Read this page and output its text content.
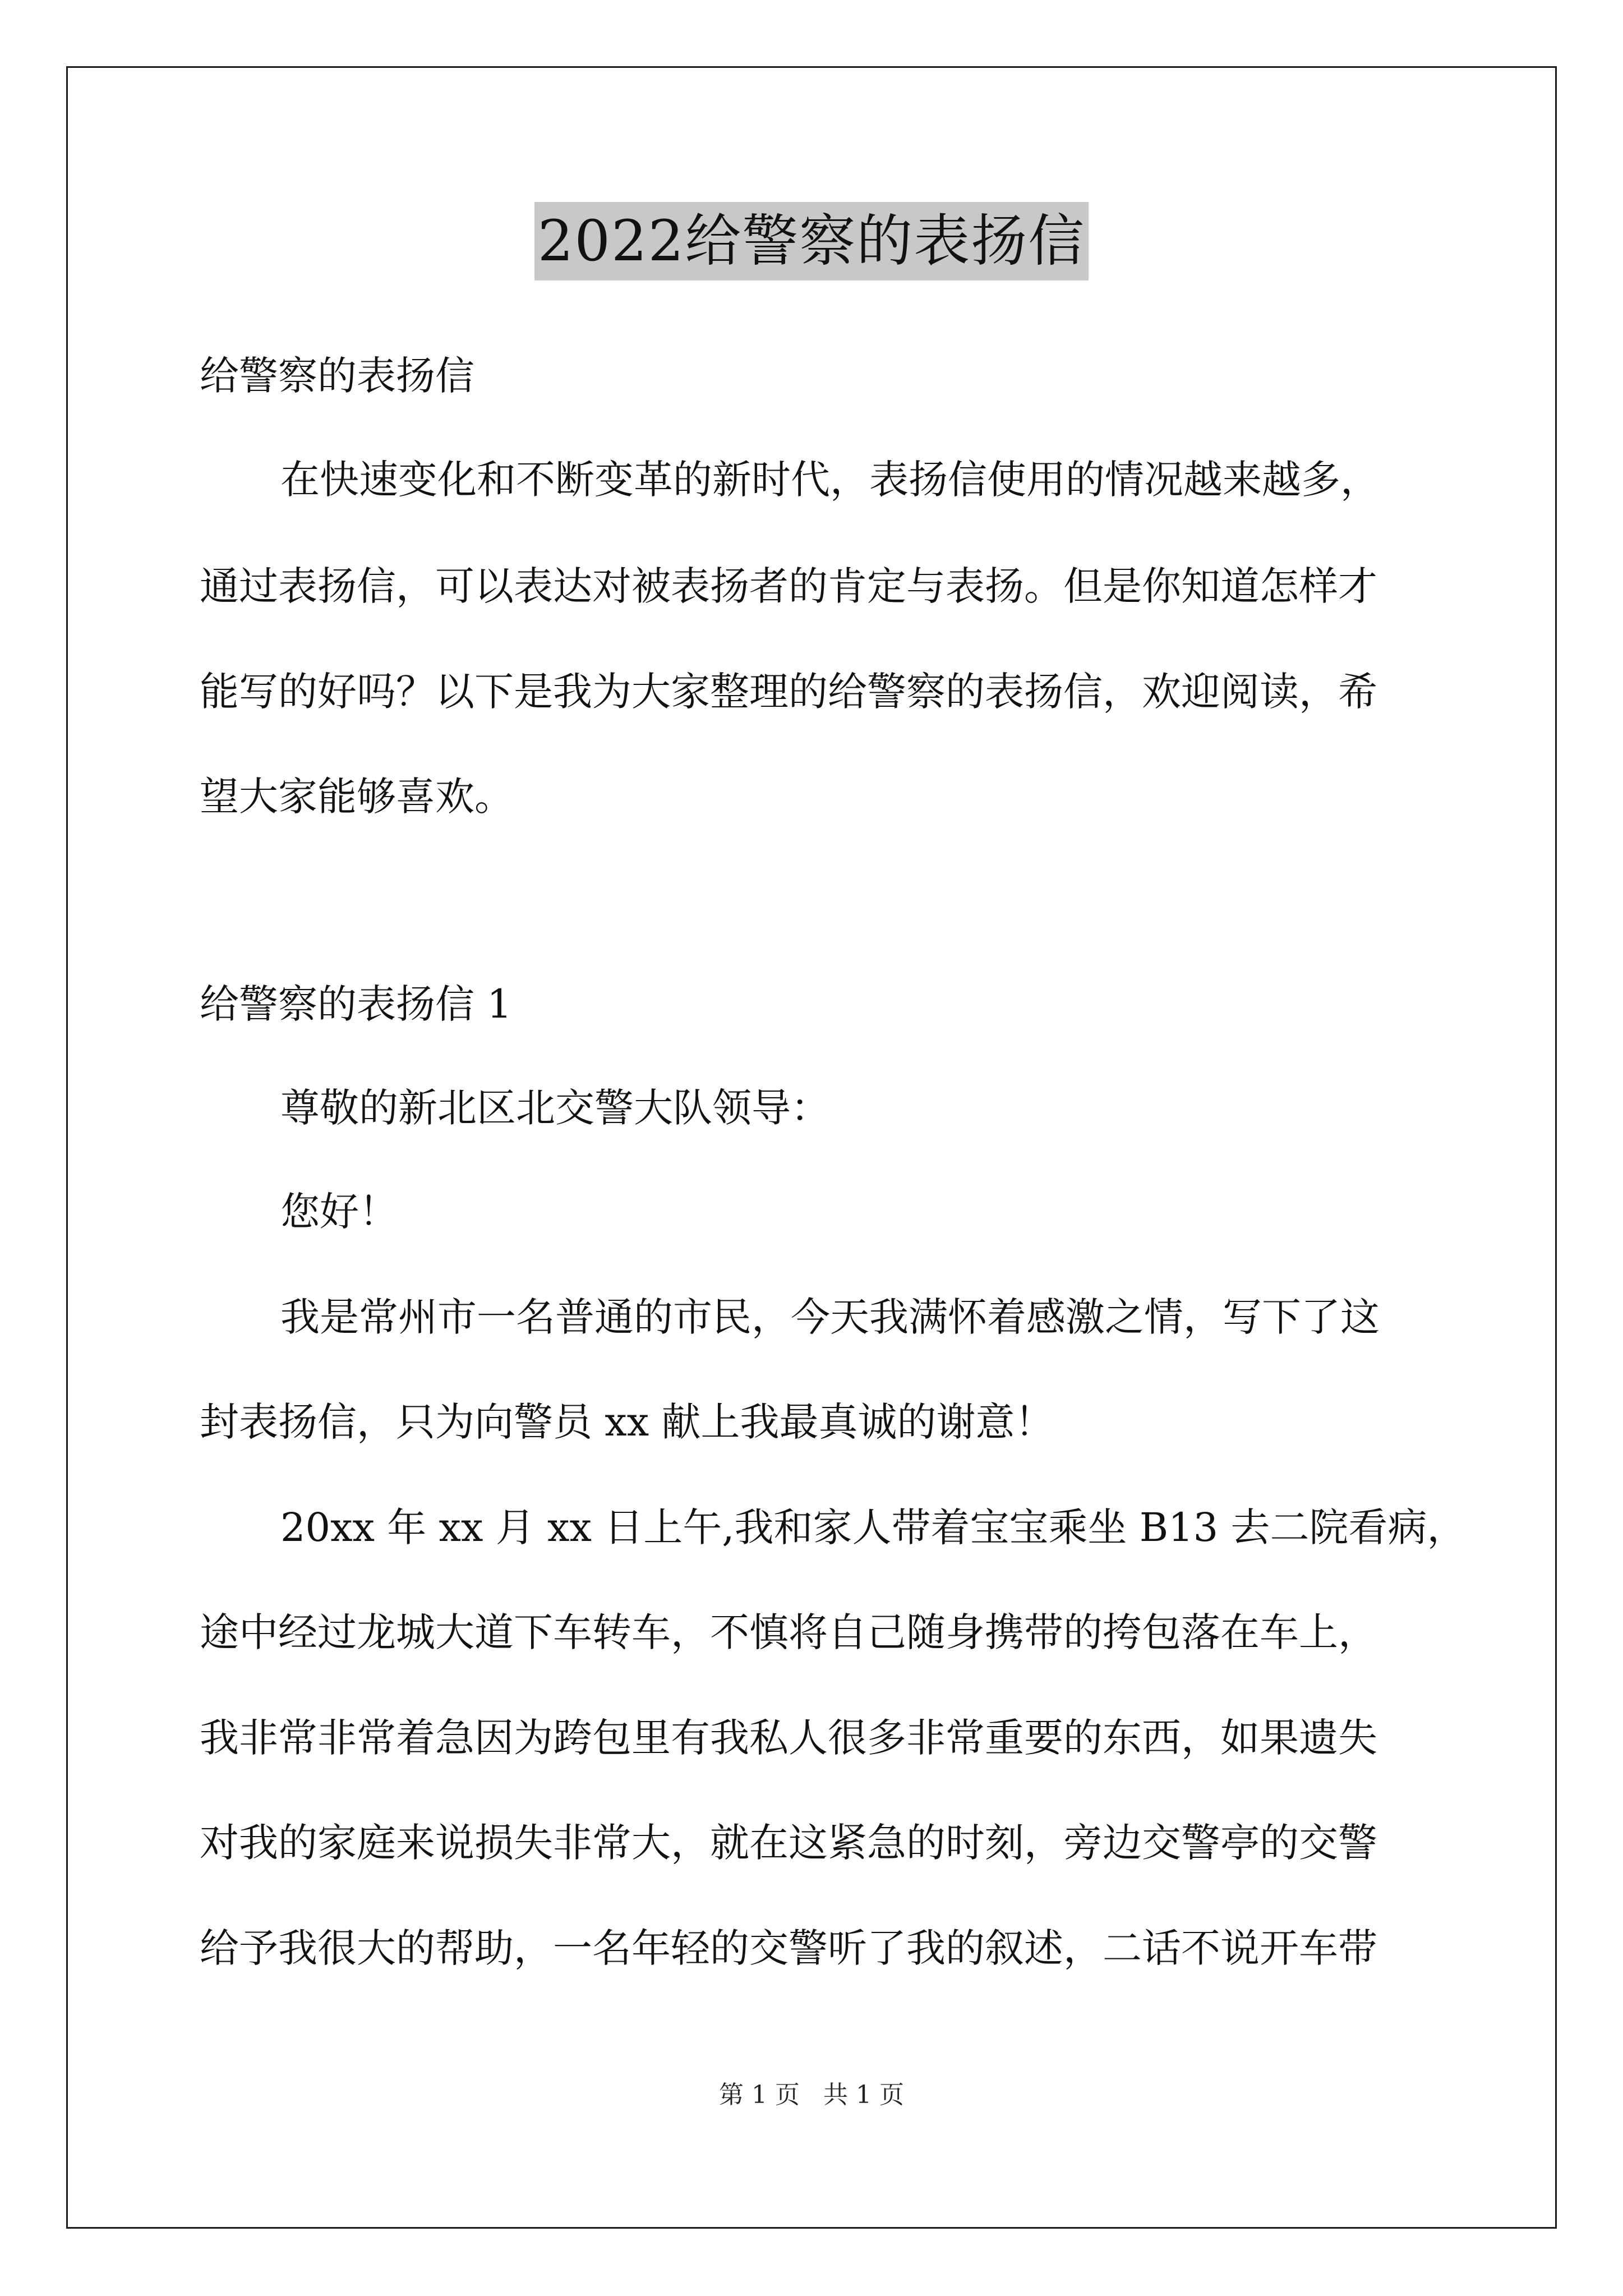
2022给警察的表扬信
给警察的表扬信
在快速变化和不断变革的新时代，表扬信使用的情况越来越多，
通过表扬信，可以表达对被表扬者的肯定与表扬。但是你知道怎样才
能写的好吗？以下是我为大家整理的给警察的表扬信，欢迎阅读，希
望大家能够喜欢。
给警察的表扬信 1
尊敬的新北区北交警大队领导：
您好！
我是常州市一名普通的市民，今天我满怀着感激之情，写下了这
封表扬信，只为向警员 xx 献上我最真诚的谢意！
20xx 年 xx 月 xx 日上午,我和家人带着宝宝乘坐 B13 去二院看病，
途中经过龙城大道下车转车，不慎将自己随身携带的挎包落在车上，
我非常非常着急因为跨包里有我私人很多非常重要的东西，如果遗失
对我的家庭来说损失非常大，就在这紧急的时刻，旁边交警亭的交警
给予我很大的帮助，一名年轻的交警听了我的叙述，二话不说开车带
第 1 页 共 1 页
